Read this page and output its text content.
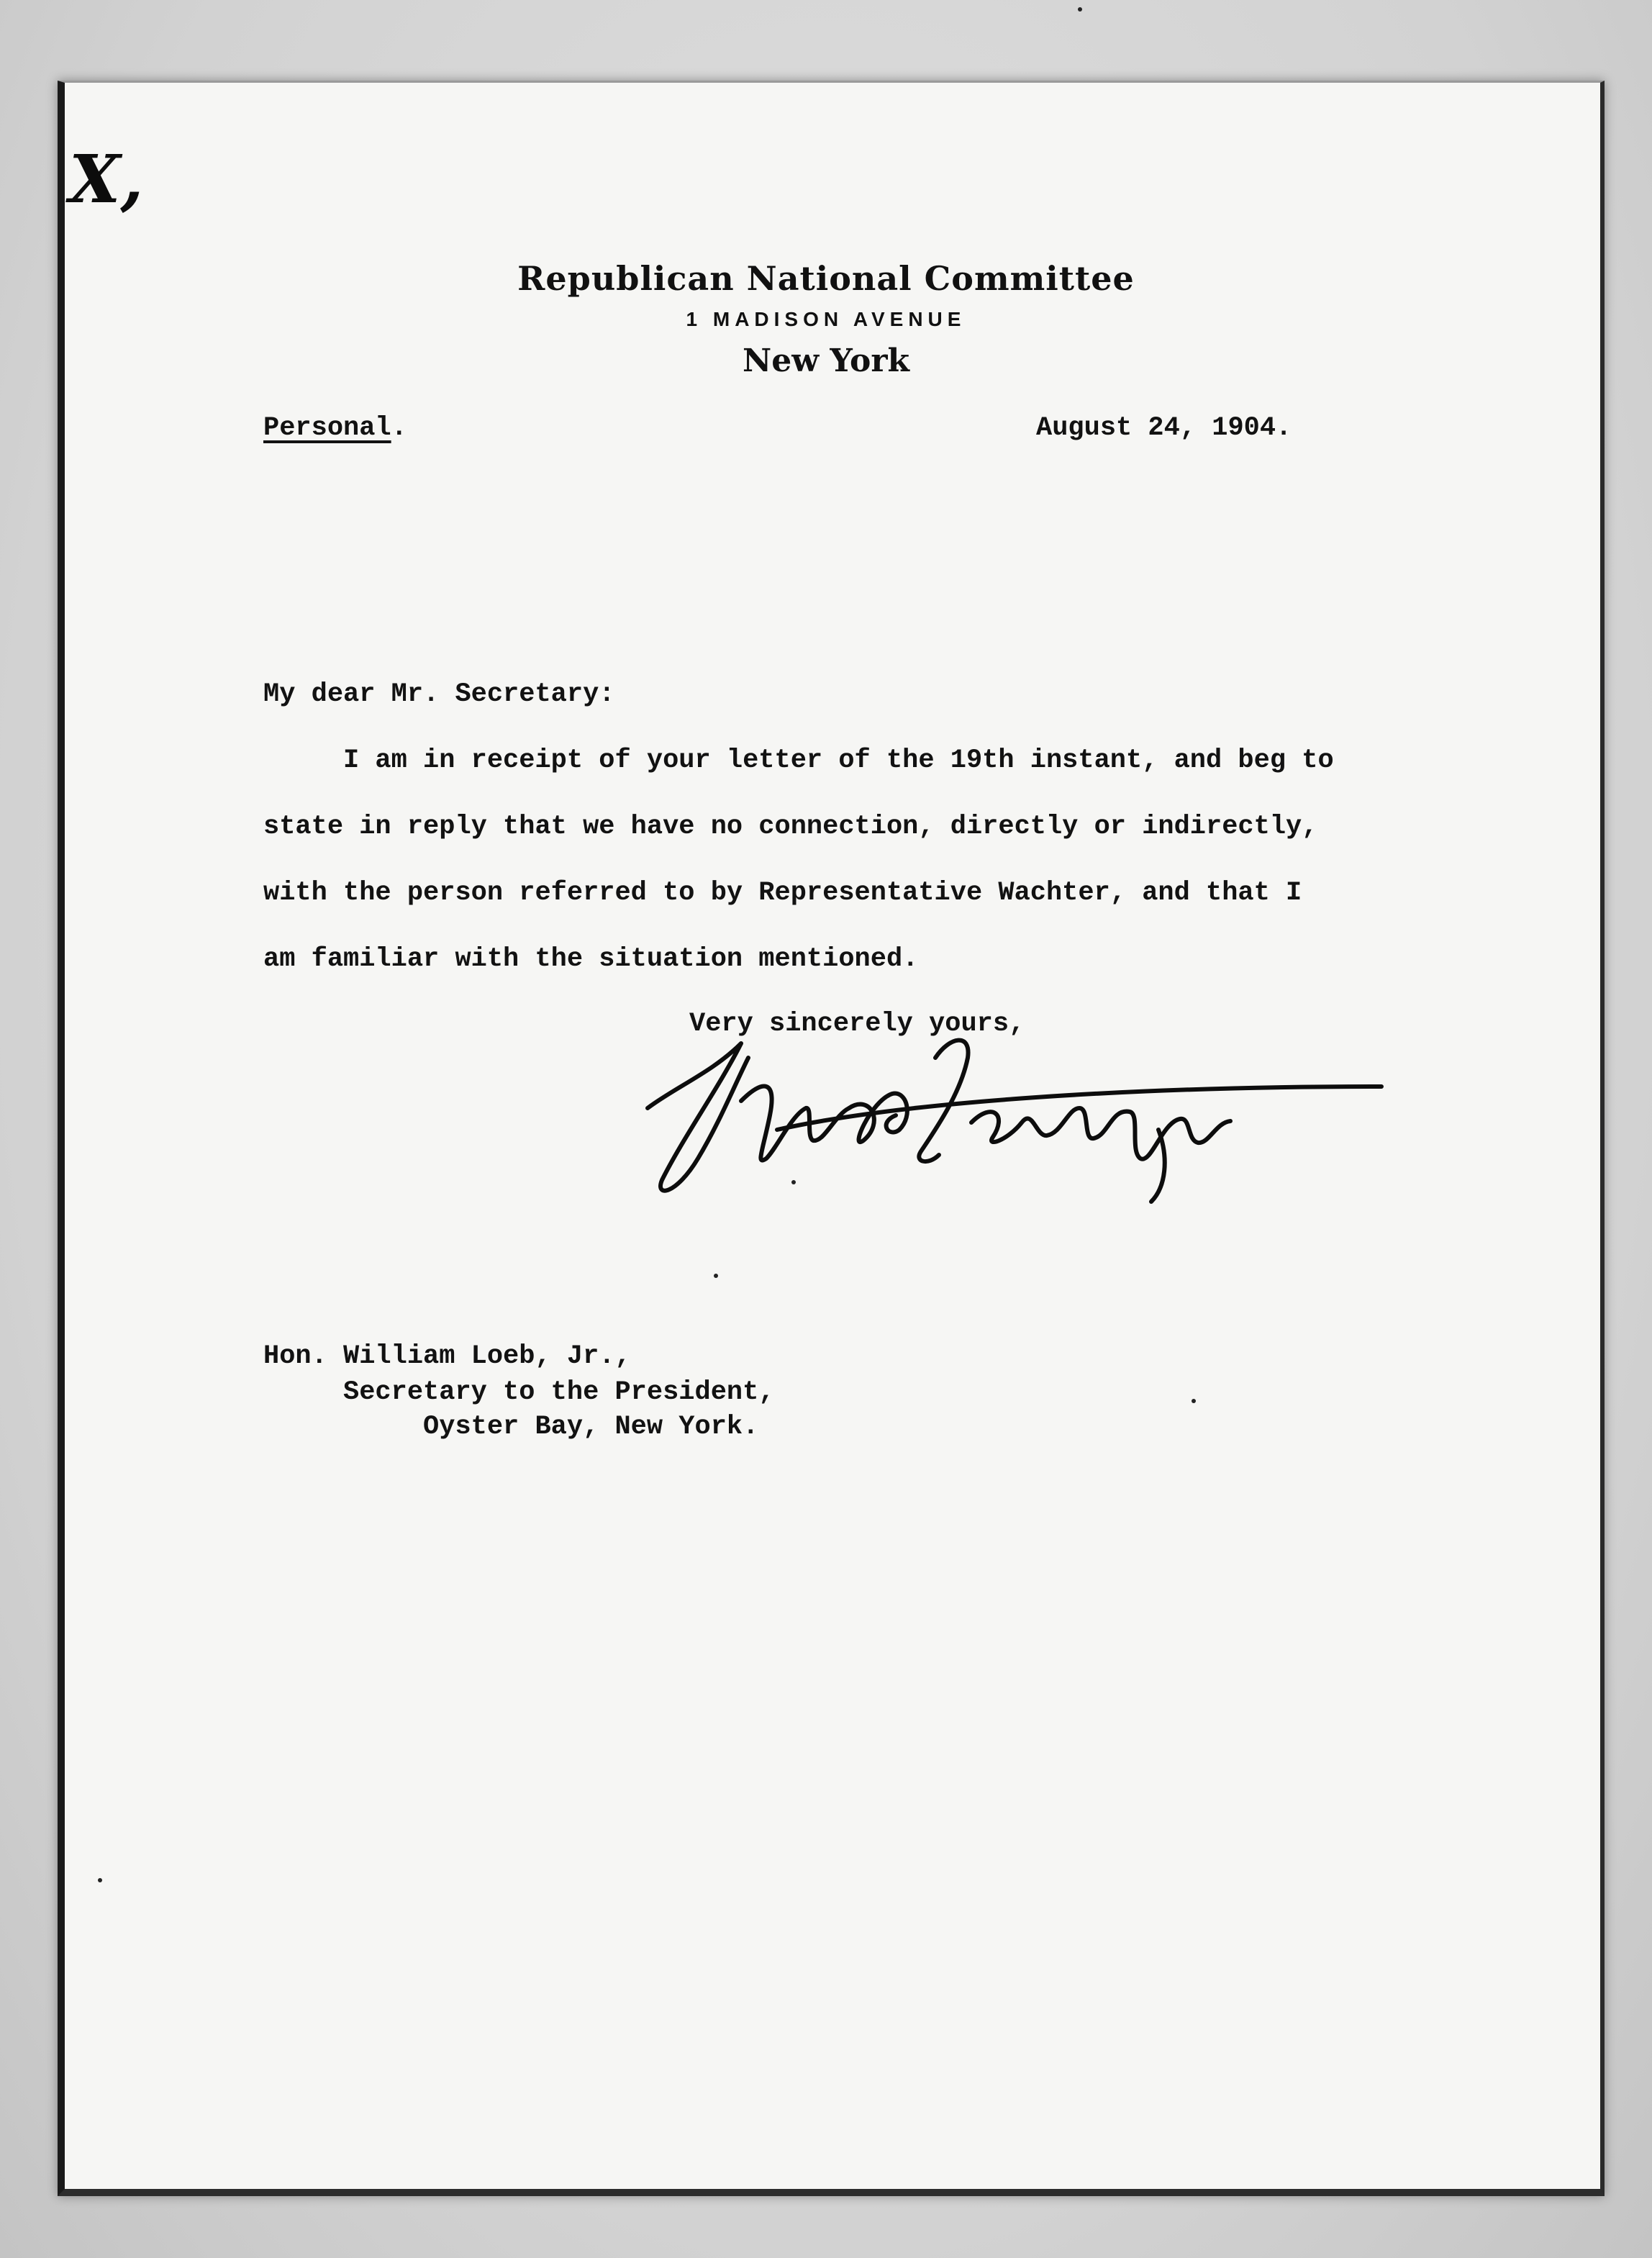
X,
Republican National Committee
1 MADISON AVENUE
New York
Personal.	August 24, 1904.
My dear Mr. Secretary:
I am in receipt of your letter of the 19th instant, and beg to
state in reply that we have no connection, directly or indirectly,
with the person referred to by Representative Wachter, and that I
am familiar with the situation mentioned.
Very sincerely yours,
Hon. William Loeb, Jr.,
Secretary to the President,
Oyster Bay, New York.
